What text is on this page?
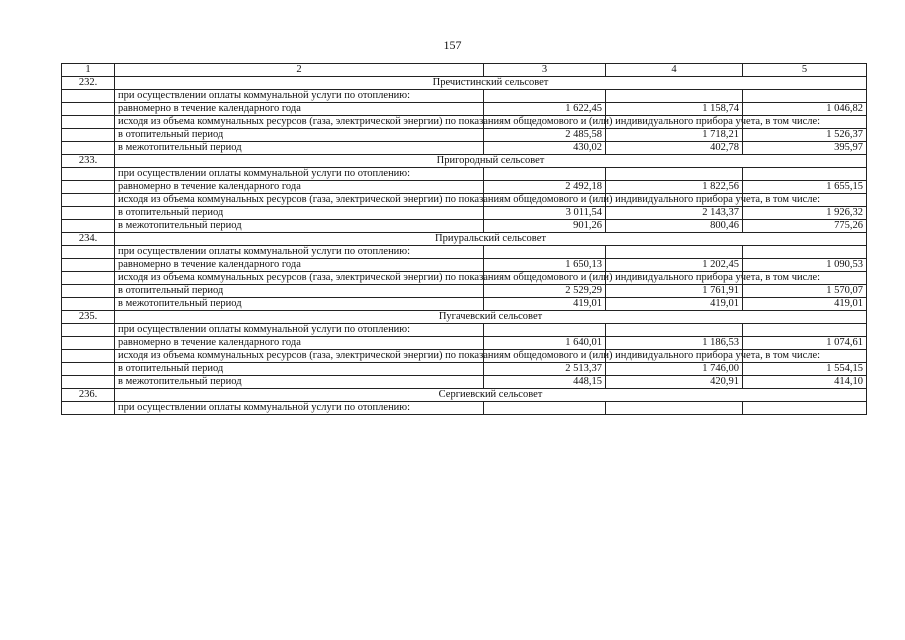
157
1	2	3	4	5
232.	Пречистинский сельсовет			
	при осуществлении оплаты коммунальной услуги по отоплению:			
	равномерно в течение календарного года	1 622,45	1 158,74	1 046,82
	исходя из объема коммунальных ресурсов (газа, электрической энергии) по показаниям общедомового и (или) индивидуального прибора учета, в том числе:			
	в отопительный период	2 485,58	1 718,21	1 526,37
	в межотопительный период	430,02	402,78	395,97
233.	Пригородный сельсовет			
	при осуществлении оплаты коммунальной услуги по отоплению:			
	равномерно в течение календарного года	2 492,18	1 822,56	1 655,15
	исходя из объема коммунальных ресурсов (газа, электрической энергии) по показаниям общедомового и (или) индивидуального прибора учета, в том числе:			
	в отопительный период	3 011,54	2 143,37	1 926,32
	в межотопительный период	901,26	800,46	775,26
234.	Приуральский сельсовет			
	при осуществлении оплаты коммунальной услуги по отоплению:			
	равномерно в течение календарного года	1 650,13	1 202,45	1 090,53
	исходя из объема коммунальных ресурсов (газа, электрической энергии) по показаниям общедомового и (или) индивидуального прибора учета, в том числе:			
	в отопительный период	2 529,29	1 761,91	1 570,07
	в межотопительный период	419,01	419,01	419,01
235.	Пугачевский сельсовет			
	при осуществлении оплаты коммунальной услуги по отоплению:			
	равномерно в течение календарного года	1 640,01	1 186,53	1 074,61
	исходя из объема коммунальных ресурсов (газа, электрической энергии) по показаниям общедомового и (или) индивидуального прибора учета, в том числе:			
	в отопительный период	2 513,37	1 746,00	1 554,15
	в межотопительный период	448,15	420,91	414,10
236.	Сергиевский сельсовет			
	при осуществлении оплаты коммунальной услуги по отоплению:			
